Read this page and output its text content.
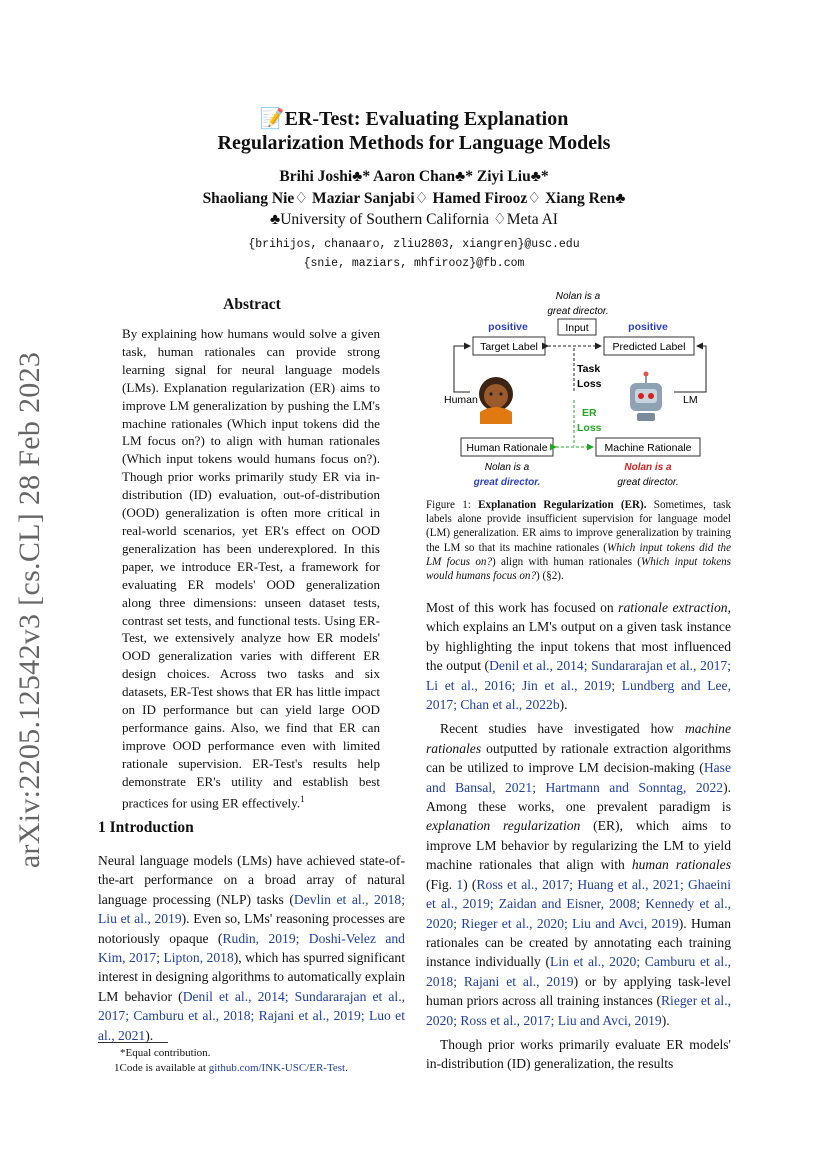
📝ER-Test: Evaluating Explanation
Regularization Methods for Language Models
Brihi Joshi♣* Aaron Chan♣* Ziyi Liu♣*
Shaoliang Nie♢ Maziar Sanjabi♢ Hamed Firooz♢ Xiang Ren♣
♣University of Southern California ♢Meta AI
{brihijos, chanaaro, zliu2803, xiangren}@usc.edu
{snie, maziars, mhfirooz}@fb.com
arXiv:2205.12542v3 [cs.CL] 28 Feb 2023
Abstract
By explaining how humans would solve a given task, human rationales can provide strong learning signal for neural language models (LMs). Explanation regularization (ER) aims to improve LM generalization by pushing the LM's machine rationales (Which input tokens did the LM focus on?) to align with human rationales (Which input tokens would humans focus on?). Though prior works primarily study ER via in-distribution (ID) evaluation, out-of-distribution (OOD) generalization is often more critical in real-world scenarios, yet ER's effect on OOD generalization has been underexplored. In this paper, we introduce ER-Test, a framework for evaluating ER models' OOD generalization along three dimensions: unseen dataset tests, contrast set tests, and functional tests. Using ER-Test, we extensively analyze how ER models' OOD generalization varies with different ER design choices. Across two tasks and six datasets, ER-Test shows that ER has little impact on ID performance but can yield large OOD performance gains. Also, we find that ER can improve OOD performance even with limited rationale supervision. ER-Test's results help demonstrate ER's utility and establish best practices for using ER effectively.$^1$
1 Introduction
Neural language models (LMs) have achieved state-of-the-art performance on a broad array of natural language processing (NLP) tasks (Devlin et al., 2018; Liu et al., 2019). Even so, LMs' reasoning processes are notoriously opaque (Rudin, 2019; Doshi-Velez and Kim, 2017; Lipton, 2018), which has spurred significant interest in designing algorithms to automatically explain LM behavior (Denil et al., 2014; Sundararajan et al., 2017; Camburu et al., 2018; Rajani et al., 2019; Luo et al., 2021).
*Equal contribution.
1Code is available at github.com/INK-USC/ER-Test.
Nolan is a
great director.
Input
positive	positive
Target Label	Predicted Label
Task
Loss
Human	LM
ER
Loss
Human Rationale	Machine Rationale
Nolan is a
great director.
Nolan is a
great director.
Figure 1: Explanation Regularization (ER). Sometimes, task labels alone provide insufficient supervision for language model (LM) generalization. ER aims to improve generalization by training the LM so that its machine rationales (Which input tokens did the LM focus on?) align with human rationales (Which input tokens would humans focus on?) (§2).

Most of this work has focused on rationale extraction, which explains an LM's output on a given task instance by highlighting the input tokens that most influenced the output (Denil et al., 2014; Sundararajan et al., 2017; Li et al., 2016; Jin et al., 2019; Lundberg and Lee, 2017; Chan et al., 2022b).

Recent studies have investigated how machine rationales outputted by rationale extraction algorithms can be utilized to improve LM decision-making (Hase and Bansal, 2021; Hartmann and Sonntag, 2022). Among these works, one prevalent paradigm is explanation regularization (ER), which aims to improve LM behavior by regularizing the LM to yield machine rationales that align with human rationales (Fig. 1) (Ross et al., 2017; Huang et al., 2021; Ghaeini et al., 2019; Zaidan and Eisner, 2008; Kennedy et al., 2020; Rieger et al., 2020; Liu and Avci, 2019). Human rationales can be created by annotating each training instance individually (Lin et al., 2020; Camburu et al., 2018; Rajani et al., 2019) or by applying task-level human priors across all training instances (Rieger et al., 2020; Ross et al., 2017; Liu and Avci, 2019).

Though prior works primarily evaluate ER models' in-distribution (ID) generalization, the results
